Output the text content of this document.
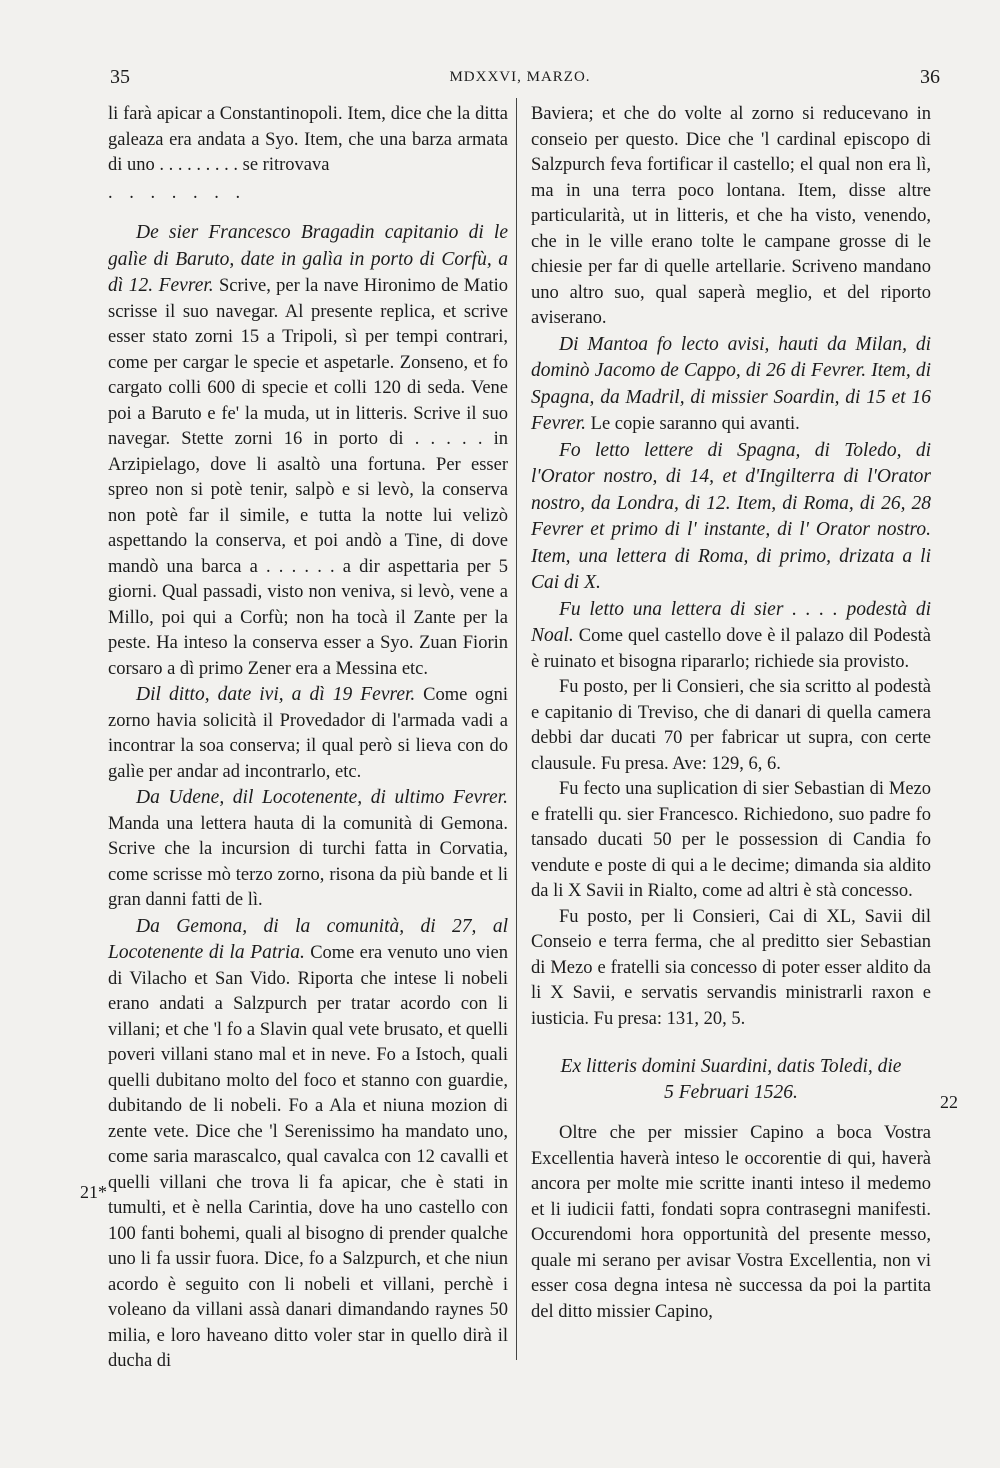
35	MDXXVI, MARZO.	36

li farà apicar a Constantinopoli. Item, dice che la ditta galeaza era andata a Syo. Item, che una barza armata di uno . . . . . . . . . se ritrovava

. . . . . . .

De sier Francesco Bragadin capitanio di le galìe di Baruto, date in galìa in porto di Corfù, a dì 12. Fevrer. Scrive, per la nave Hironimo de Matio scrisse il suo navegar. Al presente replica, et scrive esser stato zorni 15 a Tripoli, sì per tempi contrari, come per cargar le specie et aspetarle. Zonseno, et fo cargato colli 600 di specie et colli 120 di seda. Vene poi a Baruto e fe' la muda, ut in litteris. Scrive il suo navegar. Stette zorni 16 in porto di . . . . . in Arzipielago, dove li asaltò una fortuna. Per esser spreo non si potè tenir, salpò e si levò, la conserva non potè far il simile, e tutta la notte lui velizò aspettando la conserva, et poi andò a Tine, di dove mandò una barca a . . . . . . a dir aspettaria per 5 giorni. Qual passadi, visto non veniva, si levò, vene a Millo, poi qui a Corfù; non ha tocà il Zante per la peste. Ha inteso la conserva esser a Syo. Zuan Fiorin corsaro a dì primo Zener era a Messina etc.

Dil ditto, date ivi, a dì 19 Fevrer. Come ogni zorno havia solicità il Provedador di l'armada vadi a incontrar la soa conserva; il qual però si lieva con do galìe per andar ad incontrarlo, etc.

Da Udene, dil Locotenente, di ultimo Fevrer. Manda una lettera hauta di la comunità di Gemona. Scrive che la incursion di turchi fatta in Corvatia, come scrisse mò terzo zorno, risona da più bande et li gran danni fatti de lì.

Da Gemona, di la comunità, di 27, al Locotenente di la Patria. Come era venuto uno vien di Vilacho et San Vido. Riporta che intese li nobeli erano andati a Salzpurch per tratar acordo con li villani; et che 'l fo a Slavin qual vete brusato, et quelli poveri villani stano mal et in neve. Fo a Istoch, quali quelli dubitano molto del foco et stanno con guardie, dubitando de li nobeli. Fo a Ala et niuna mozion di zente vete. Dice che 'l Serenissimo ha mandato uno, come saria marascalco, qual cavalca con 12 cavalli et quelli villani che trova li fa apicar, che è stati in tumulti, et è nella Carintia, dove ha uno castello con 100 fanti bohemi, quali al bisogno di prender qualche uno li fa ussir fuora. Dice, fo a Salzpurch, et che niun acordo è seguito con li nobeli et villani, perchè i voleano da villani assà danari dimandando raynes 50 milia, e loro haveano ditto voler star in quello dirà il ducha di

Baviera; et che do volte al zorno si reducevano in conseio per questo. Dice che 'l cardinal episcopo di Salzpurch feva fortificar il castello; el qual non era lì, ma in una terra poco lontana. Item, disse altre particularità, ut in litteris, et che ha visto, venendo, che in le ville erano tolte le campane grosse di le chiesie per far di quelle artellarie. Scriveno mandano uno altro suo, qual saperà meglio, et del riporto aviserano.

Di Mantoa fo lecto avisi, hauti da Milan, di dominò Jacomo de Cappo, di 26 di Fevrer. Item, di Spagna, da Madril, di missier Soardin, di 15 et 16 Fevrer. Le copie saranno qui avanti.

Fo letto lettere di Spagna, di Toledo, di l'Orator nostro, di 14, et d'Ingilterra di l'Orator nostro, da Londra, di 12. Item, di Roma, di 26, 28 Fevrer et primo di l' instante, di l' Orator nostro. Item, una lettera di Roma, di primo, drizata a li Cai di X.

Fu letto una lettera di sier . . . . podestà di Noal. Come quel castello dove è il palazo dil Podestà è ruinato et bisogna ripararlo; richiede sia provisto.

Fu posto, per li Consieri, che sia scritto al podestà e capitanio di Treviso, che di danari di quella camera debbi dar ducati 70 per fabricar ut supra, con certe clausule. Fu presa. Ave: 129, 6, 6.

Fu fecto una suplication di sier Sebastian di Mezo e fratelli qu. sier Francesco. Richiedono, suo padre fo tansado ducati 50 per le possession di Candia fo vendute e poste di qui a le decime; dimanda sia aldito da li X Savii in Rialto, come ad altri è stà concesso.

Fu posto, per li Consieri, Cai di XL, Savii dil Conseio e terra ferma, che al preditto sier Sebastian di Mezo e fratelli sia concesso di poter esser aldito da li X Savii, e servatis servandis ministrarli raxon e iusticia. Fu presa: 131, 20, 5.

Ex litteris domini Suardini, datis Toledi, die
5 Februari 1526.

Oltre che per missier Capino a boca Vostra Excellentia haverà inteso le occorentie di qui, haverà ancora per molte mie scritte inanti inteso il medemo et li iudicii fatti, fondati sopra contrasegni manifesti. Occurendomi hora opportunità del presente messo, quale mi serano per avisar Vostra Excellentia, non vi esser cosa degna intesa nè successa da poi la partita del ditto missier Capino,

21*
22
